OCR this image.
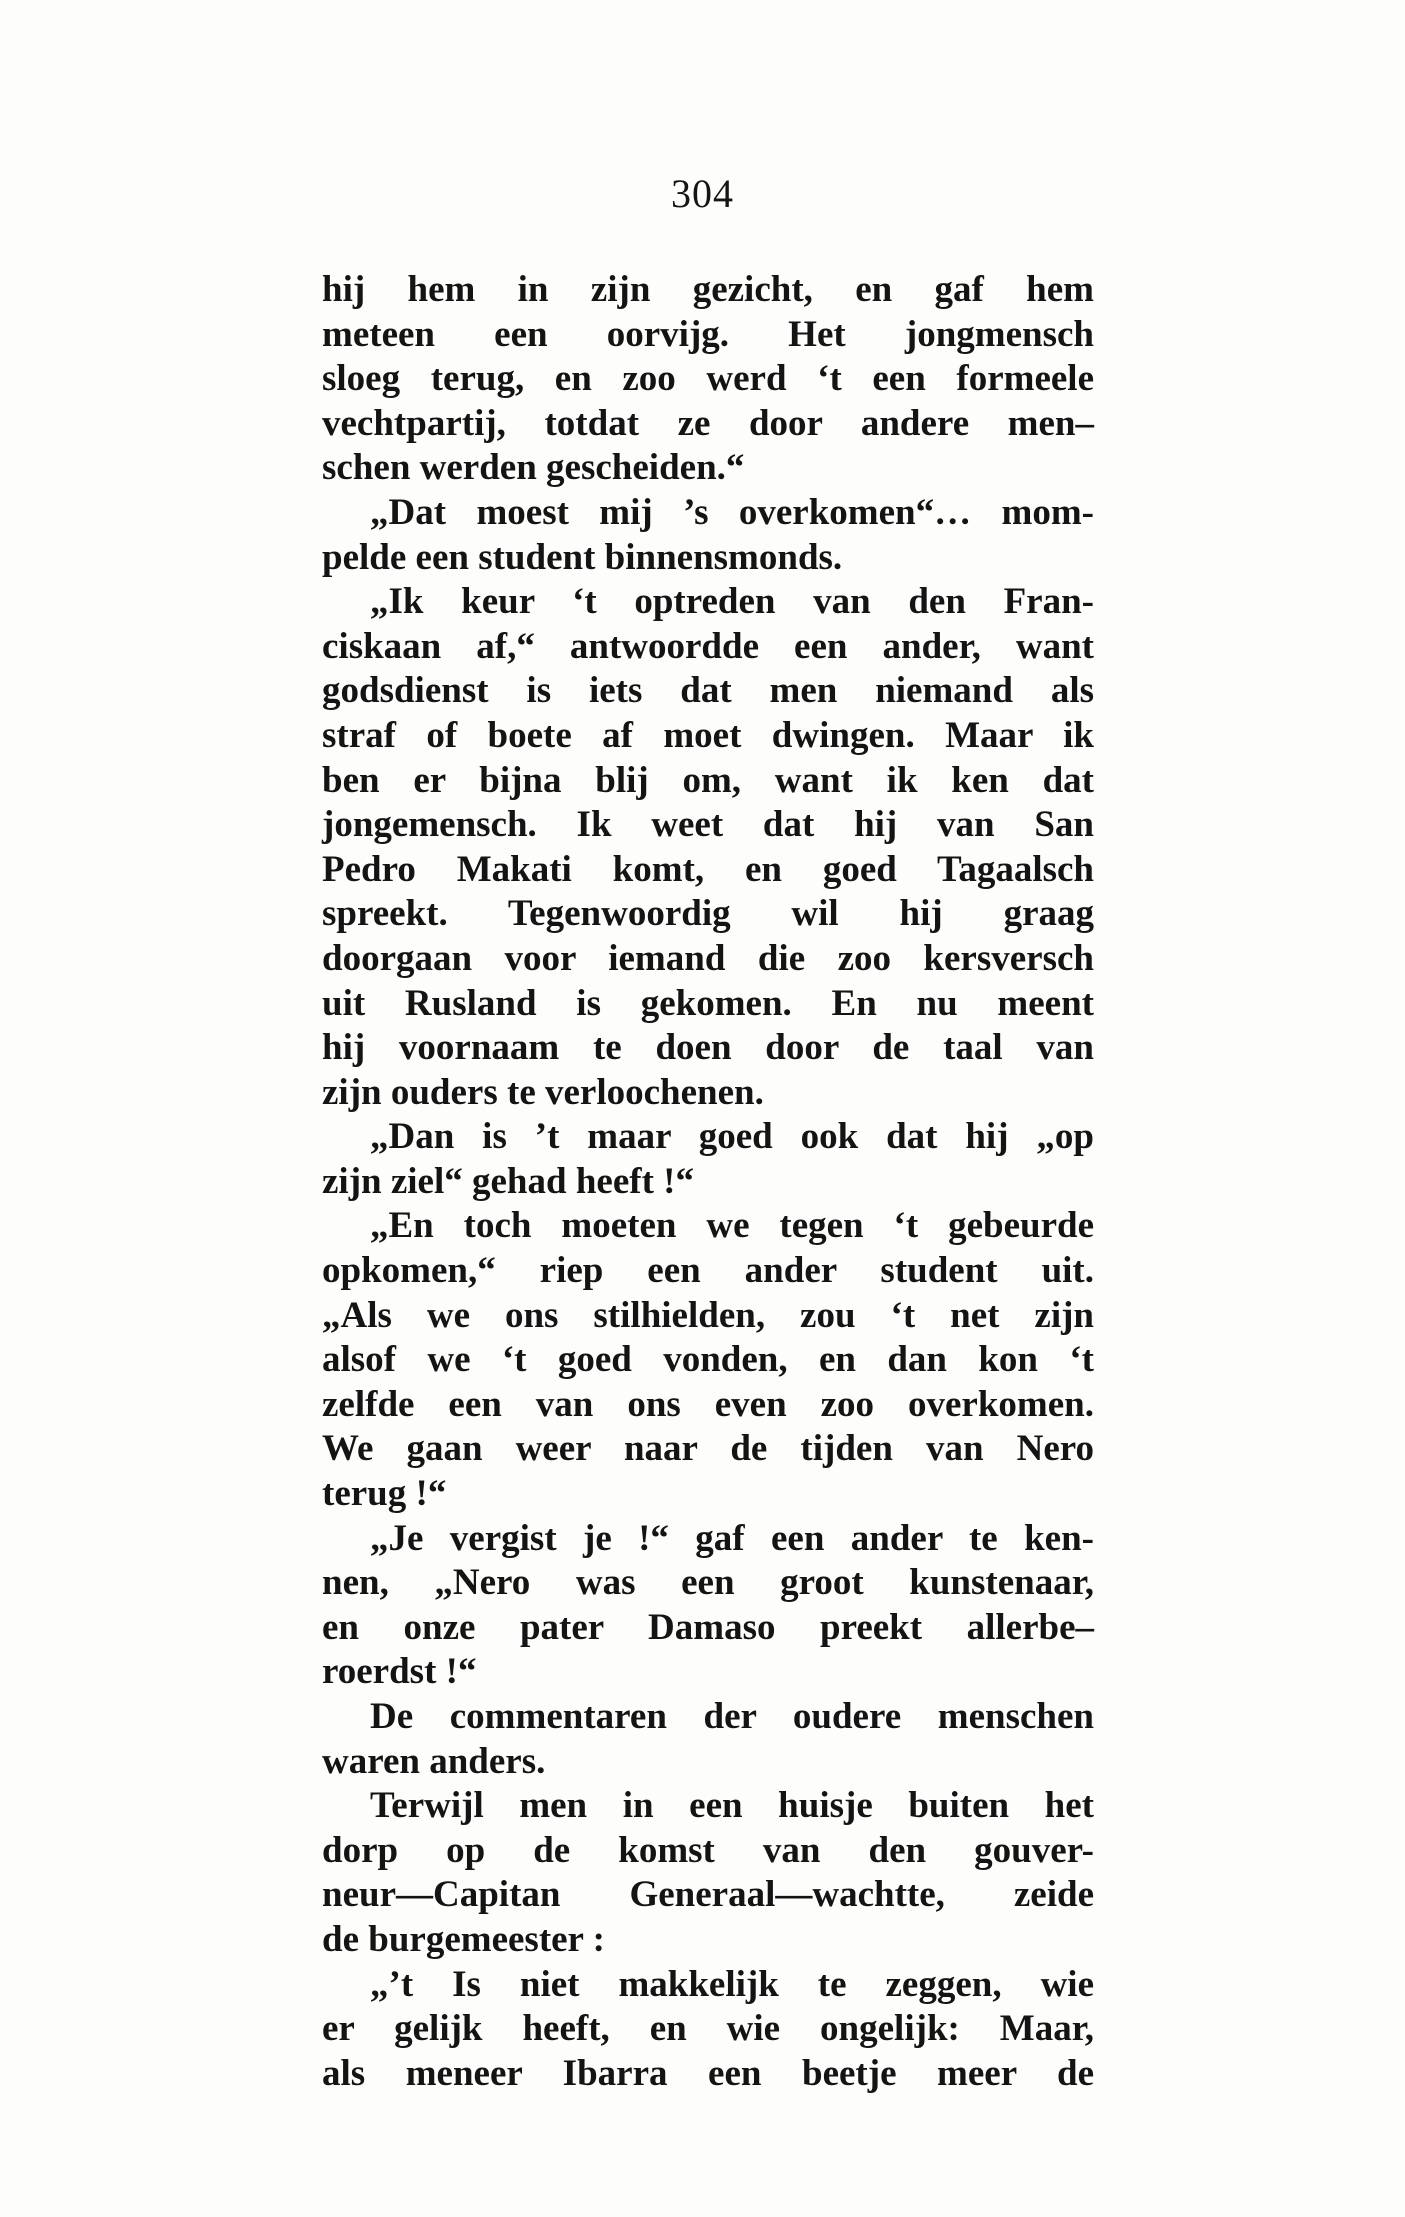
304
hij hem in zijn gezicht, en gaf hem
meteen een oorvijg. Het jongmensch
sloeg terug, en zoo werd ‘t een formeele
vechtpartij, totdat ze door andere men–
schen werden gescheiden.“
„Dat moest mij ’s overkomen“… mom-
pelde een student binnensmonds.
„Ik keur ‘t optreden van den Fran-
ciskaan af,“ antwoordde een ander, want
godsdienst is iets dat men niemand als
straf of boete af moet dwingen. Maar ik
ben er bijna blij om, want ik ken dat
jongemensch. Ik weet dat hij van San
Pedro Makati komt, en goed Tagaalsch
spreekt. Tegenwoordig wil hij graag
doorgaan voor iemand die zoo kersversch
uit Rusland is gekomen. En nu meent
hij voornaam te doen door de taal van
zijn ouders te verloochenen.
„Dan is ’t maar goed ook dat hij „op
zijn ziel“ gehad heeft !“
„En toch moeten we tegen ‘t gebeurde
opkomen,“ riep een ander student uit.
„Als we ons stilhielden, zou ‘t net zijn
alsof we ‘t goed vonden, en dan kon ‘t
zelfde een van ons even zoo overkomen.
We gaan weer naar de tijden van Nero
terug !“
„Je vergist je !“ gaf een ander te ken-
nen, „Nero was een groot kunstenaar,
en onze pater Damaso preekt allerbe–
roerdst !“
De commentaren der oudere menschen
waren anders.
Terwijl men in een huisje buiten het
dorp op de komst van den gouver-
neur—Capitan Generaal—wachtte, zeide
de burgemeester :
„’t Is niet makkelijk te zeggen, wie
er gelijk heeft, en wie ongelijk: Maar,
als meneer Ibarra een beetje meer de
